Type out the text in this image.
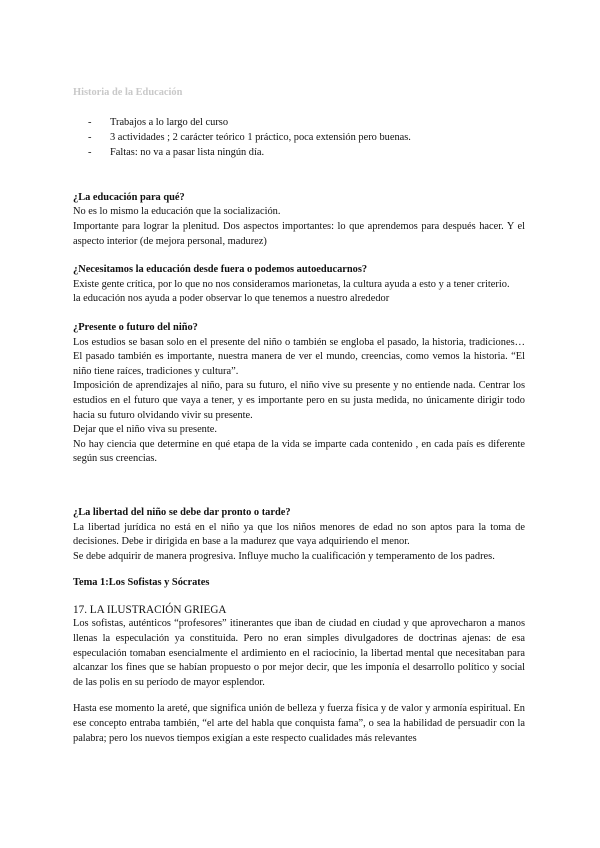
Historia de la Educación

- Trabajos a lo largo del curso
- 3 actividades ; 2 carácter teórico 1 práctico, poca extensión pero buenas.
- Faltas: no va a pasar lista ningún día.

¿La educación para qué?

No es lo mismo la educación que la socialización.

Importante para lograr la plenitud. Dos aspectos importantes: lo que aprendemos para después hacer. Y el aspecto interior (de mejora personal, madurez)

¿Necesitamos la educación desde fuera o podemos autoeducarnos?

Existe gente crítica, por lo que no nos consideramos marionetas, la cultura ayuda a esto y a tener criterio.

la educación nos ayuda a poder observar lo que tenemos a nuestro alrededor

¿Presente o futuro del niño?

Los estudios se basan solo en el presente del niño o también se engloba el pasado, la historia, tradiciones… El pasado también es importante, nuestra manera de ver el mundo, creencias, como vemos la historia. “El niño tiene raíces, tradiciones y cultura”.

Imposición de aprendizajes al niño, para su futuro, el niño vive su presente y no entiende nada. Centrar los estudios en el futuro que vaya a tener, y es importante pero en su justa medida, no únicamente dirigir todo hacia su futuro olvidando vivir su presente.

Dejar que el niño viva su presente.

No hay ciencia que determine en qué etapa de la vida se imparte cada contenido , en cada país es diferente según sus creencias.

¿La libertad del niño se debe dar pronto o tarde?

La libertad jurídica no está en el niño ya que los niños menores de edad no son aptos para la toma de decisiones. Debe ir dirigida en base a la madurez que vaya adquiriendo el menor.

Se debe adquirir de manera progresiva. Influye mucho la cualificación y temperamento de los padres.

Tema 1:Los Sofistas y Sócrates

17. LA ILUSTRACIÓN GRIEGA

Los sofistas, auténticos “profesores” itinerantes que iban de ciudad en ciudad y que aprovecharon a manos llenas la especulación ya constituida. Pero no eran simples divulgadores de doctrinas ajenas: de esa especulación tomaban esencialmente el ardimiento en el raciocinio, la libertad mental que necesitaban para alcanzar los fines que se habían propuesto o por mejor decir, que les imponía el desarrollo político y social de las polis en su período de mayor esplendor.

Hasta ese momento la areté, que significa unión de belleza y fuerza física y de valor y armonía espiritual. En ese concepto entraba también, “el arte del habla que conquista fama”, o sea la habilidad de persuadir con la palabra; pero los nuevos tiempos exigían a este respecto cualidades más relevantes
